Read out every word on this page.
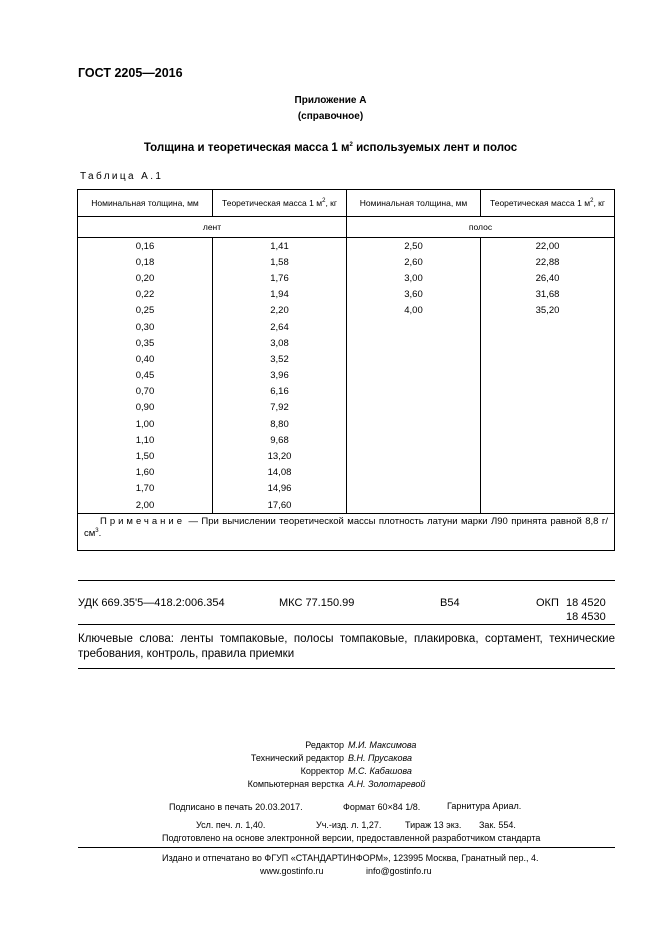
ГОСТ 2205—2016
Приложение А
(справочное)
Толщина и теоретическая масса 1 $м^2$ используемых лент и полос
Таблица А.1
Номинальная толщина, мм	Теоретическая масса 1 $м^2$, кг	Номинальная толщина, мм	Теоретическая масса 1 $м^2$, кг
лент		полос	
0,16	1,41	2,50	22,00
0,18	1,58	2,60	22,88
0,20	1,76	3,00	26,40
0,22	1,94	3,60	31,68
0,25	2,20	4,00	35,20
0,30	2,64		
0,35	3,08		
0,40	3,52		
0,45	3,96		
0,70	6,16		
0,90	7,92		
1,00	8,80		
1,10	9,68		
1,50	13,20		
1,60	14,08		
1,70	14,96		
2,00	17,60		
Примечание — При вычислении теоретической массы плотность латуни марки Л90 принята равной 8,8 $г/см^3$.			
УДК 669.35'5—418.2:006.354	МКС 77.150.99	В54	ОКП 18 4520
18 4530
Ключевые слова: ленты томпаковые, полосы томпаковые, плакировка, сортамент, технические требования, контроль, правила приемки
Редактор М.И. Максимова
Технический редактор В.Н. Прусакова
Корректор М.С. Кабашова
Компьютерная верстка А.Н. Золотаревой
Подписано в печать 20.03.2017.	Формат 60×84 1/8.	Гарнитура Ариал.
Усл. печ. л. 1,40.	Уч.-изд. л. 1,27.	Тираж 13 экз. Зак. 554.
Подготовлено на основе электронной версии, предоставленной разработчиком стандарта
Издано и отпечатано во ФГУП «СТАНДАРТИНФОРМ», 123995 Москва, Гранатный пер., 4.
www.gostinfo.ru	info@gostinfo.ru
